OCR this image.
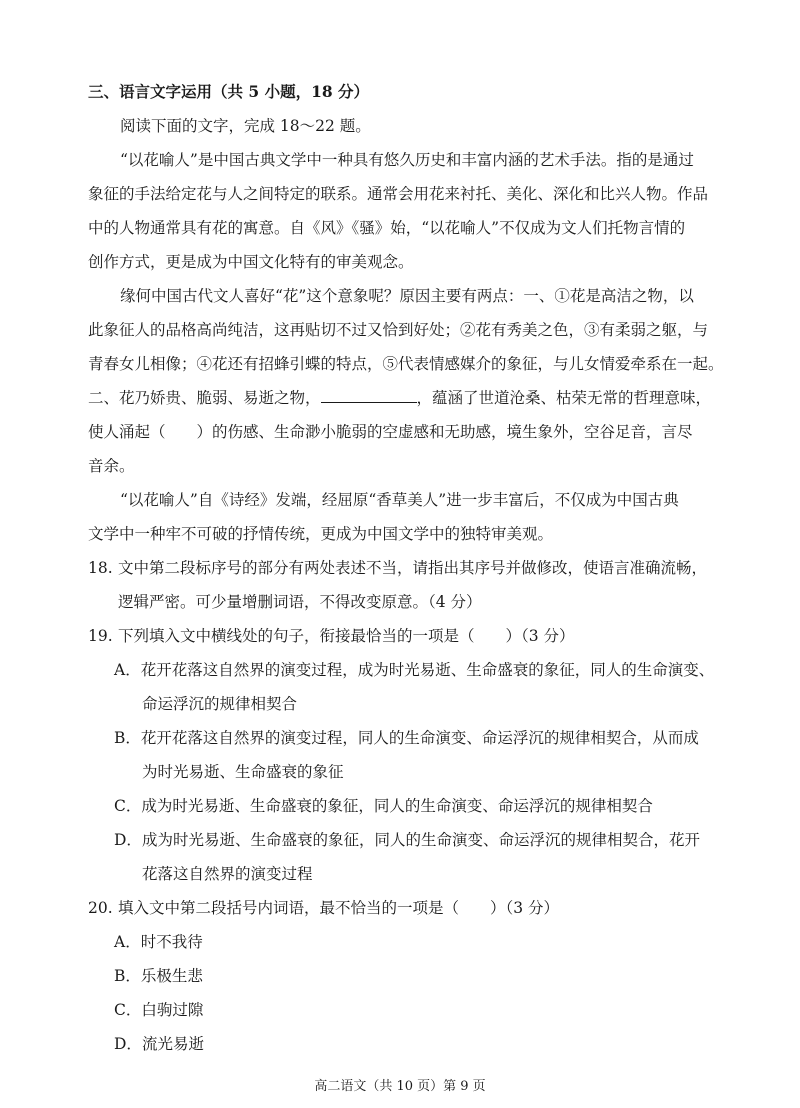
三、语言文字运用（共 5 小题，18 分）
阅读下面的文字，完成 18～22 题。
“以花喻人”是中国古典文学中一种具有悠久历史和丰富内涵的艺术手法。指的是通过
象征的手法给定花与人之间特定的联系。通常会用花来衬托、美化、深化和比兴人物。作品
中的人物通常具有花的寓意。自《风》《骚》始，“以花喻人”不仅成为文人们托物言情的
创作方式，更是成为中国文化特有的审美观念。
缘何中国古代文人喜好“花”这个意象呢？原因主要有两点：一、①花是高洁之物，以
此象征人的品格高尚纯洁，这再贴切不过又恰到好处；②花有秀美之色，③有柔弱之躯，与
青春女儿相像；④花还有招蜂引蝶的特点，⑤代表情感媒介的象征，与儿女情爱牵系在一起。
二、花乃娇贵、脆弱、易逝之物，	，蕴涵了世道沧桑、枯荣无常的哲理意味，
使人涌起（　　）的伤感、生命渺小脆弱的空虚感和无助感，境生象外，空谷足音，言尽
音余。
“以花喻人”自《诗经》发端，经屈原“香草美人”进一步丰富后，不仅成为中国古典
文学中一种牢不可破的抒情传统，更成为中国文学中的独特审美观。
18. 文中第二段标序号的部分有两处表述不当，请指出其序号并做修改，使语言准确流畅，
逻辑严密。可少量增删词语，不得改变原意。（4 分）
19. 下列填入文中横线处的句子，衔接最恰当的一项是（　　）（3 分）
A．花开花落这自然界的演变过程，成为时光易逝、生命盛衰的象征，同人的生命演变、
命运浮沉的规律相契合
B．花开花落这自然界的演变过程，同人的生命演变、命运浮沉的规律相契合，从而成
为时光易逝、生命盛衰的象征
C．成为时光易逝、生命盛衰的象征，同人的生命演变、命运浮沉的规律相契合
D．成为时光易逝、生命盛衰的象征，同人的生命演变、命运浮沉的规律相契合，花开
花落这自然界的演变过程
20. 填入文中第二段括号内词语，最不恰当的一项是（　　）（3 分）
A．时不我待
B．乐极生悲
C．白驹过隙
D．流光易逝
高二语文（共 10 页）第 9 页
